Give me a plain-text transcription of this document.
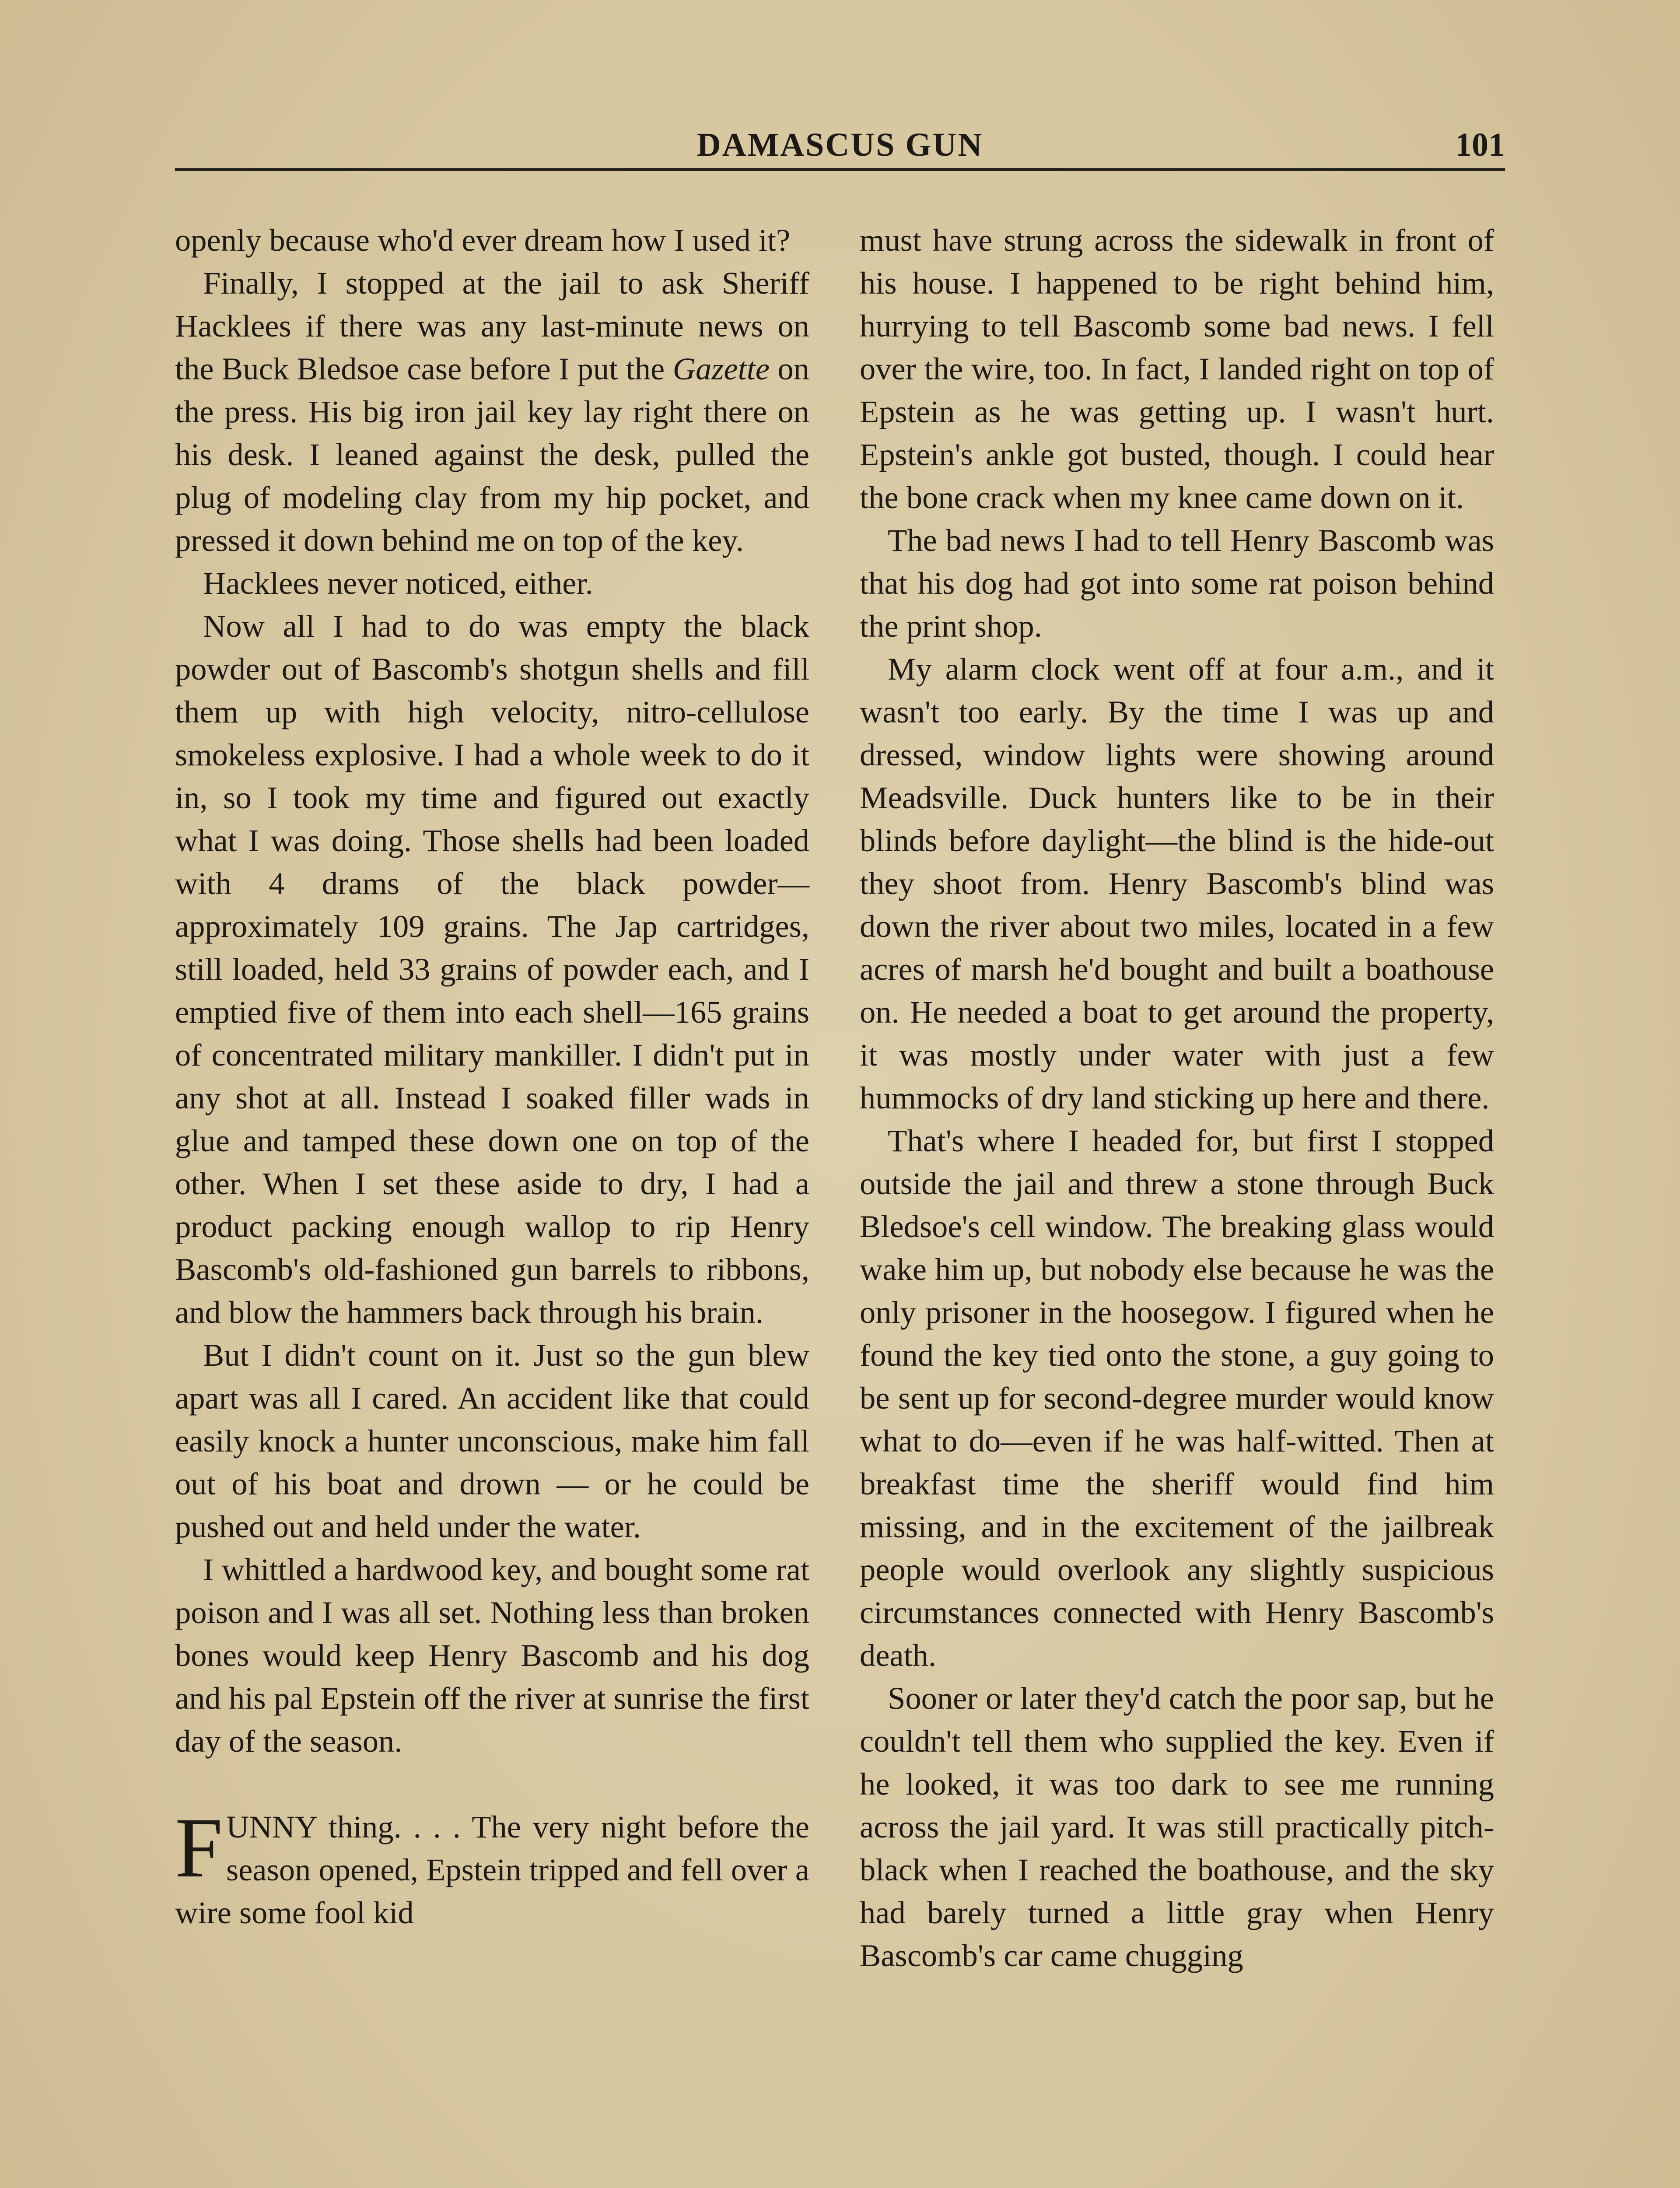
DAMASCUS GUN	101

openly because who'd ever dream how I used it?

Finally, I stopped at the jail to ask Sheriff Hacklees if there was any last-minute news on the Buck Bledsoe case before I put the Gazette on the press. His big iron jail key lay right there on his desk. I leaned against the desk, pulled the plug of modeling clay from my hip pocket, and pressed it down behind me on top of the key.

Hacklees never noticed, either.

Now all I had to do was empty the black powder out of Bascomb's shotgun shells and fill them up with high velocity, nitro-cellulose smokeless explosive. I had a whole week to do it in, so I took my time and figured out exactly what I was doing. Those shells had been loaded with 4 drams of the black powder—approximately 109 grains. The Jap cartridges, still loaded, held 33 grains of powder each, and I emptied five of them into each shell—165 grains of concentrated military mankiller. I didn't put in any shot at all. Instead I soaked filler wads in glue and tamped these down one on top of the other. When I set these aside to dry, I had a product packing enough wallop to rip Henry Bascomb's old-fashioned gun barrels to ribbons, and blow the hammers back through his brain.

But I didn't count on it. Just so the gun blew apart was all I cared. An accident like that could easily knock a hunter unconscious, make him fall out of his boat and drown — or he could be pushed out and held under the water.

I whittled a hardwood key, and bought some rat poison and I was all set. Nothing less than broken bones would keep Henry Bascomb and his dog and his pal Epstein off the river at sunrise the first day of the season.

FUNNY thing. . . . The very night before the season opened, Epstein tripped and fell over a wire some fool kid

must have strung across the sidewalk in front of his house. I happened to be right behind him, hurrying to tell Bascomb some bad news. I fell over the wire, too. In fact, I landed right on top of Epstein as he was getting up. I wasn't hurt. Epstein's ankle got busted, though. I could hear the bone crack when my knee came down on it.

The bad news I had to tell Henry Bascomb was that his dog had got into some rat poison behind the print shop.

My alarm clock went off at four a.m., and it wasn't too early. By the time I was up and dressed, window lights were showing around Meadsville. Duck hunters like to be in their blinds before daylight—the blind is the hide-out they shoot from. Henry Bascomb's blind was down the river about two miles, located in a few acres of marsh he'd bought and built a boathouse on. He needed a boat to get around the property, it was mostly under water with just a few hummocks of dry land sticking up here and there.

That's where I headed for, but first I stopped outside the jail and threw a stone through Buck Bledsoe's cell window. The breaking glass would wake him up, but nobody else because he was the only prisoner in the hoosegow. I figured when he found the key tied onto the stone, a guy going to be sent up for second-degree murder would know what to do—even if he was half-witted. Then at breakfast time the sheriff would find him missing, and in the excitement of the jailbreak people would overlook any slightly suspicious circumstances connected with Henry Bascomb's death.

Sooner or later they'd catch the poor sap, but he couldn't tell them who supplied the key. Even if he looked, it was too dark to see me running across the jail yard. It was still practically pitch-black when I reached the boathouse, and the sky had barely turned a little gray when Henry Bascomb's car came chugging
